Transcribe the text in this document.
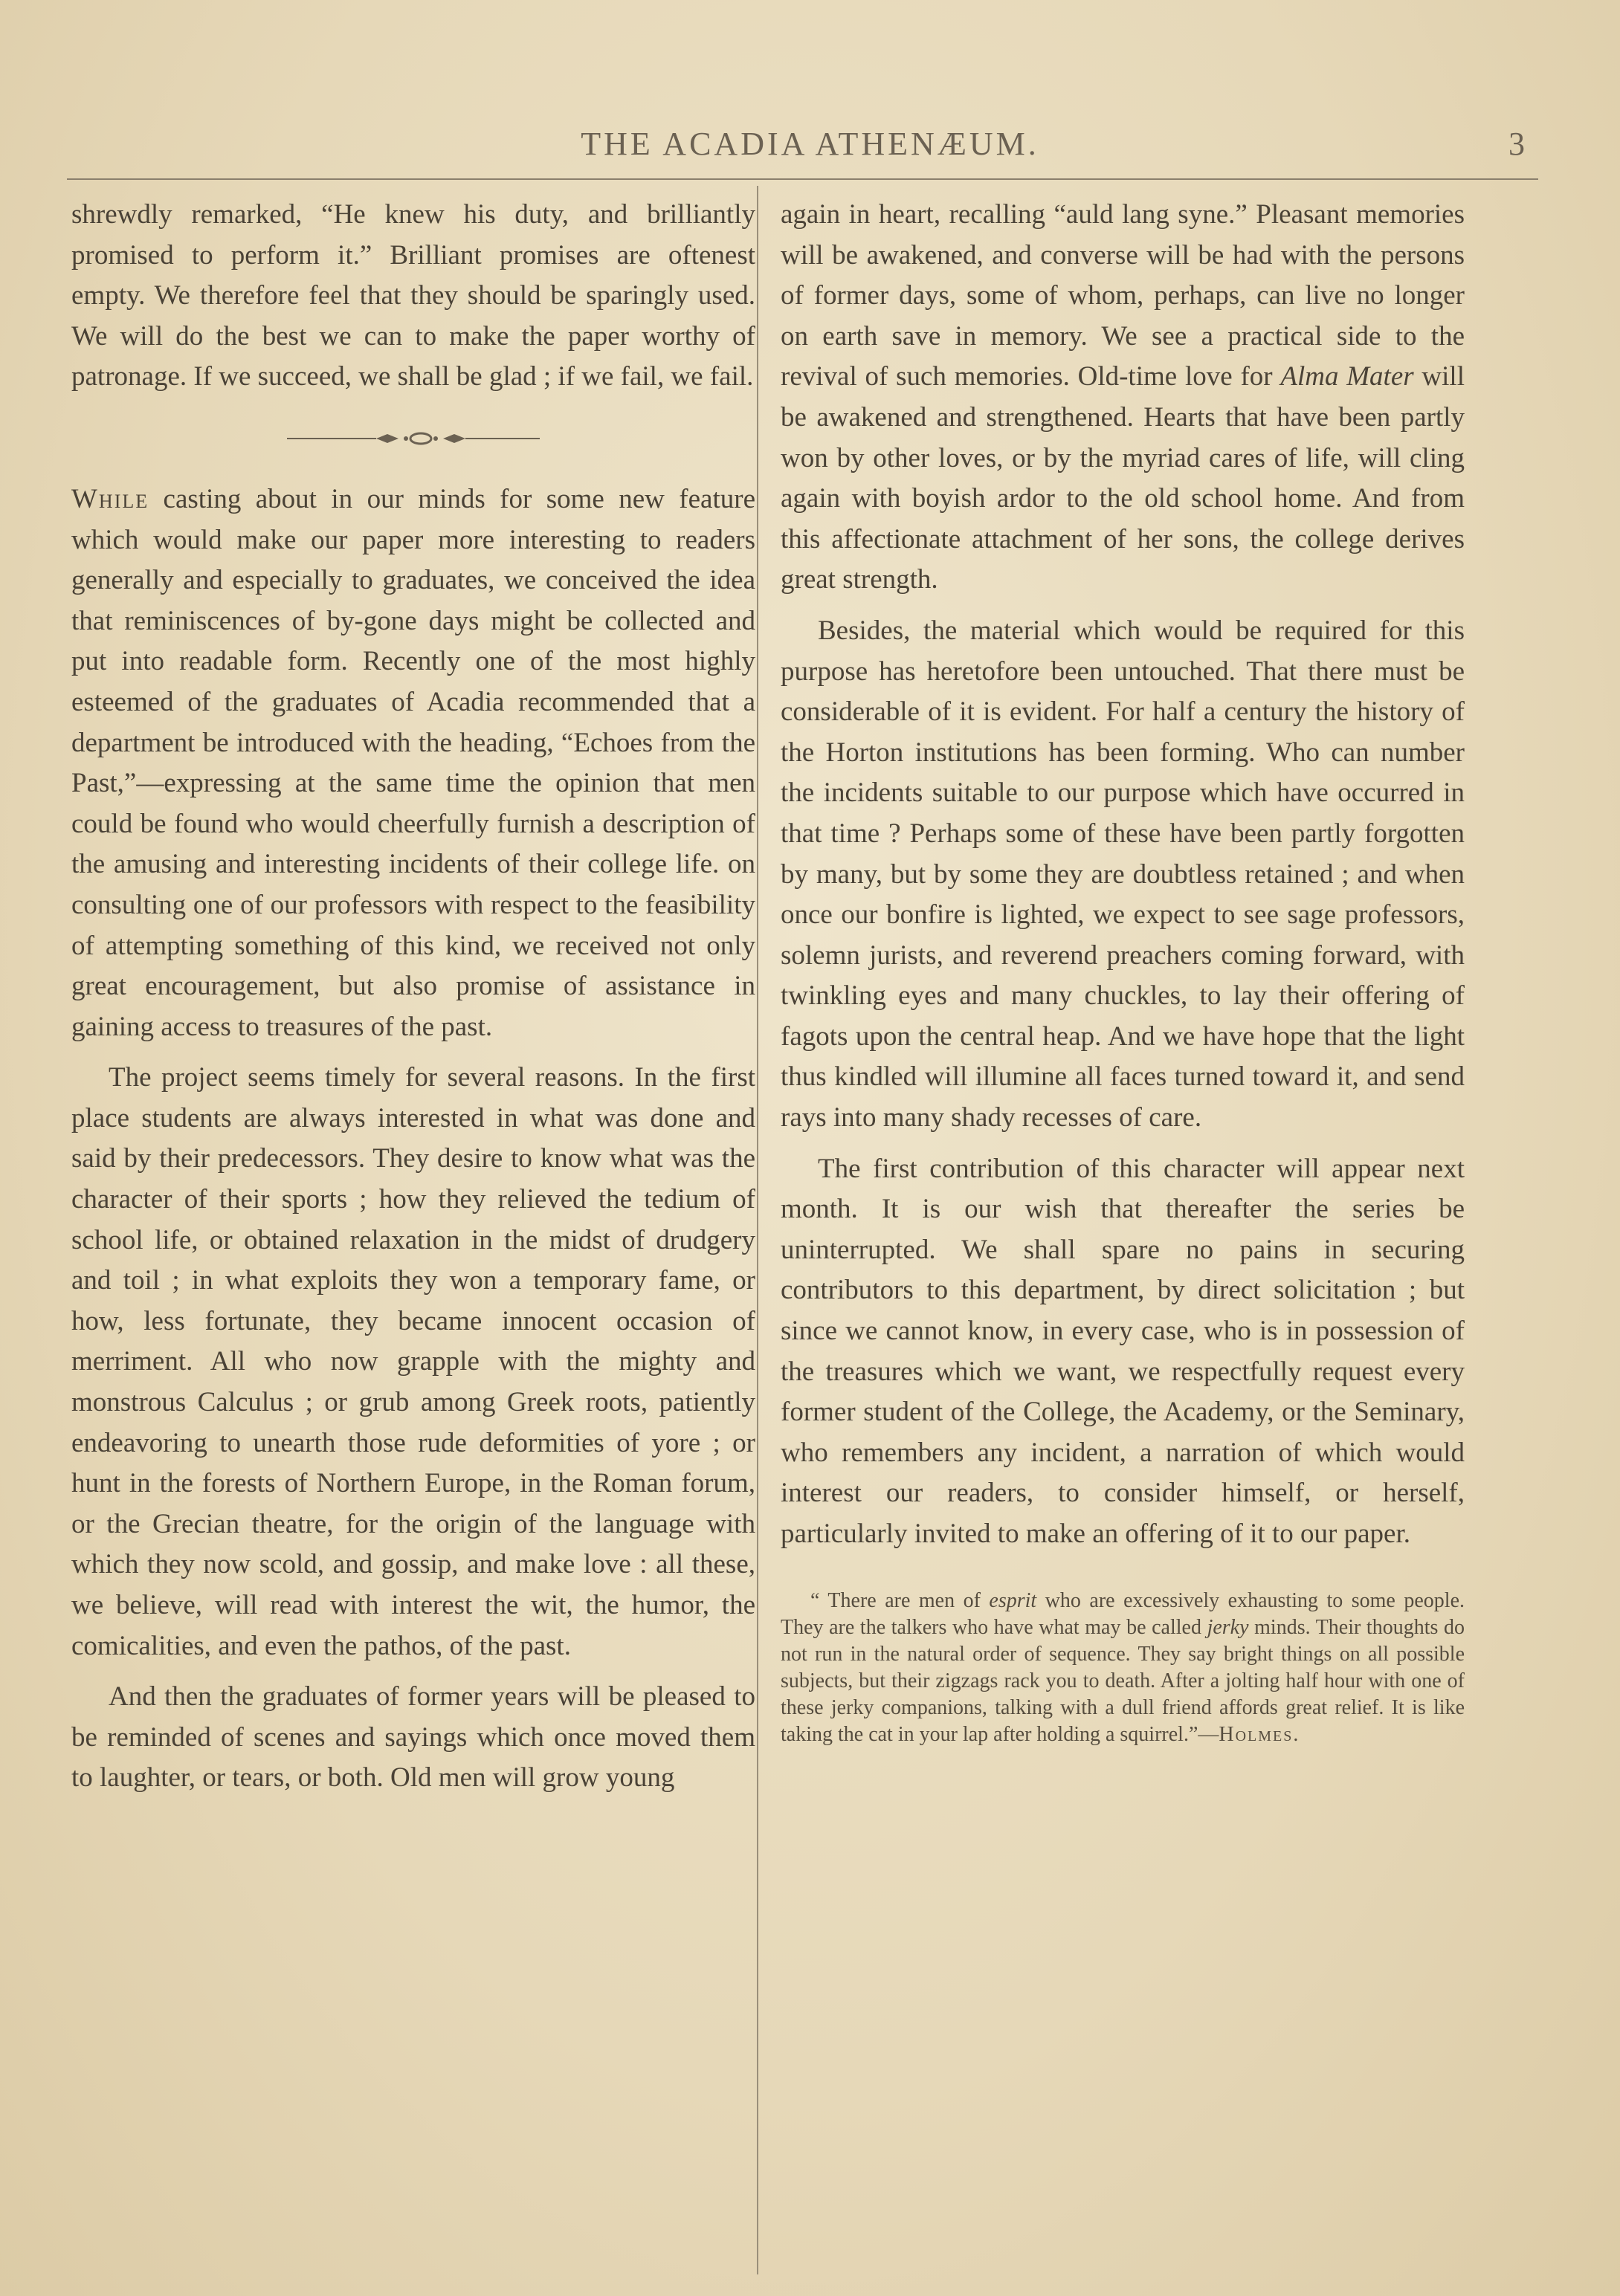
THE ACADIA ATHENÆUM.	3

shrewdly remarked, “He knew his duty, and brilliantly promised to perform it.” Brilliant promises are oftenest empty. We therefore feel that they should be sparingly used. We will do the best we can to make the paper worthy of patronage. If we succeed, we shall be glad ; if we fail, we fail.

While casting about in our minds for some new feature which would make our paper more interesting to readers generally and especially to graduates, we conceived the idea that reminiscences of by-gone days might be collected and put into readable form. Recently one of the most highly esteemed of the graduates of Acadia recommended that a department be introduced with the heading, “Echoes from the Past,”—expressing at the same time the opinion that men could be found who would cheerfully furnish a description of the amusing and interesting incidents of their college life. on consulting one of our professors with respect to the feasibility of attempting something of this kind, we received not only great encouragement, but also promise of assistance in gaining access to treasures of the past.

The project seems timely for several reasons. In the first place students are always interested in what was done and said by their predecessors. They desire to know what was the character of their sports ; how they relieved the tedium of school life, or obtained relaxation in the midst of drudgery and toil ; in what exploits they won a temporary fame, or how, less fortunate, they became innocent occasion of merriment. All who now grapple with the mighty and monstrous Calculus ; or grub among Greek roots, patiently endeavoring to unearth those rude deformities of yore ; or hunt in the forests of Northern Europe, in the Roman forum, or the Grecian theatre, for the origin of the language with which they now scold, and gossip, and make love : all these, we believe, will read with interest the wit, the humor, the comicalities, and even the pathos, of the past.

And then the graduates of former years will be pleased to be reminded of scenes and sayings which once moved them to laughter, or tears, or both. Old men will grow young

again in heart, recalling “auld lang syne.” Pleasant memories will be awakened, and converse will be had with the persons of former days, some of whom, perhaps, can live no longer on earth save in memory. We see a practical side to the revival of such memories. Old-time love for Alma Mater will be awakened and strengthened. Hearts that have been partly won by other loves, or by the myriad cares of life, will cling again with boyish ardor to the old school home. And from this affectionate attachment of her sons, the college derives great strength.

Besides, the material which would be required for this purpose has heretofore been untouched. That there must be considerable of it is evident. For half a century the history of the Horton institutions has been forming. Who can number the incidents suitable to our purpose which have occurred in that time ? Perhaps some of these have been partly forgotten by many, but by some they are doubtless retained ; and when once our bonfire is lighted, we expect to see sage professors, solemn jurists, and reverend preachers coming forward, with twinkling eyes and many chuckles, to lay their offering of fagots upon the central heap. And we have hope that the light thus kindled will illumine all faces turned toward it, and send rays into many shady recesses of care.

The first contribution of this character will appear next month. It is our wish that thereafter the series be uninterrupted. We shall spare no pains in securing contributors to this department, by direct solicitation ; but since we cannot know, in every case, who is in possession of the treasures which we want, we respectfully request every former student of the College, the Academy, or the Seminary, who remembers any incident, a narration of which would interest our readers, to consider himself, or herself, particularly invited to make an offering of it to our paper.

“ There are men of esprit who are excessively exhausting to some people. They are the talkers who have what may be called jerky minds. Their thoughts do not run in the natural order of sequence. They say bright things on all possible subjects, but their zigzags rack you to death. After a jolting half hour with one of these jerky companions, talking with a dull friend affords great relief. It is like taking the cat in your lap after holding a squirrel.”—Holmes.
